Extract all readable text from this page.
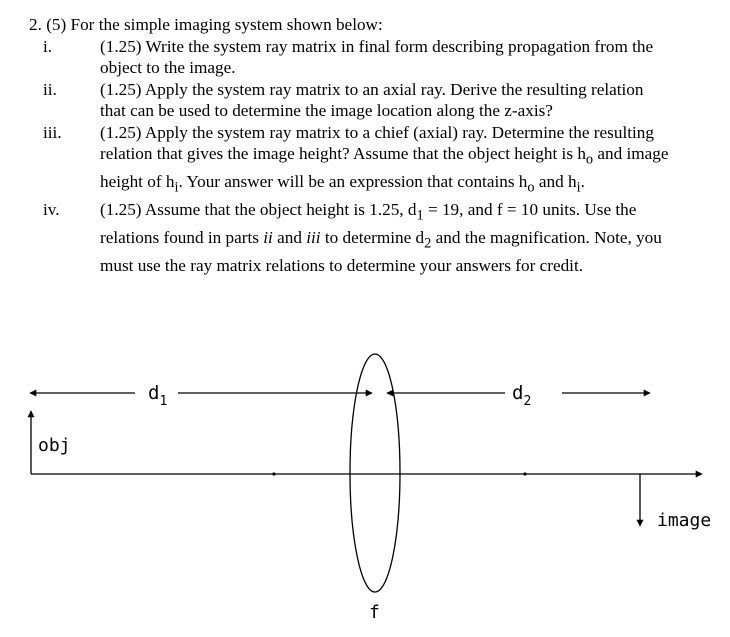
2. (5) For the simple imaging system shown below:
i.	(1.25) Write the system ray matrix in final form describing propagation from the object to the image.
ii.	(1.25) Apply the system ray matrix to an axial ray. Derive the resulting relation that can be used to determine the image location along the z-axis?
iii.	(1.25) Apply the system ray matrix to a chief (axial) ray. Determine the resulting relation that gives the image height? Assume that the object height is $h_o$ and image height of $h_i$. Your answer will be an expression that contains $h_o$ and $h_i$.
iv.	(1.25) Assume that the object height is 1.25, $d_1 = 19$, and f = 10 units. Use the relations found in parts ii and iii to determine $d_2$ and the magnification. Note, you must use the ray matrix relations to determine your answers for credit.
$d_1$	$d_2$
obj
image
f
